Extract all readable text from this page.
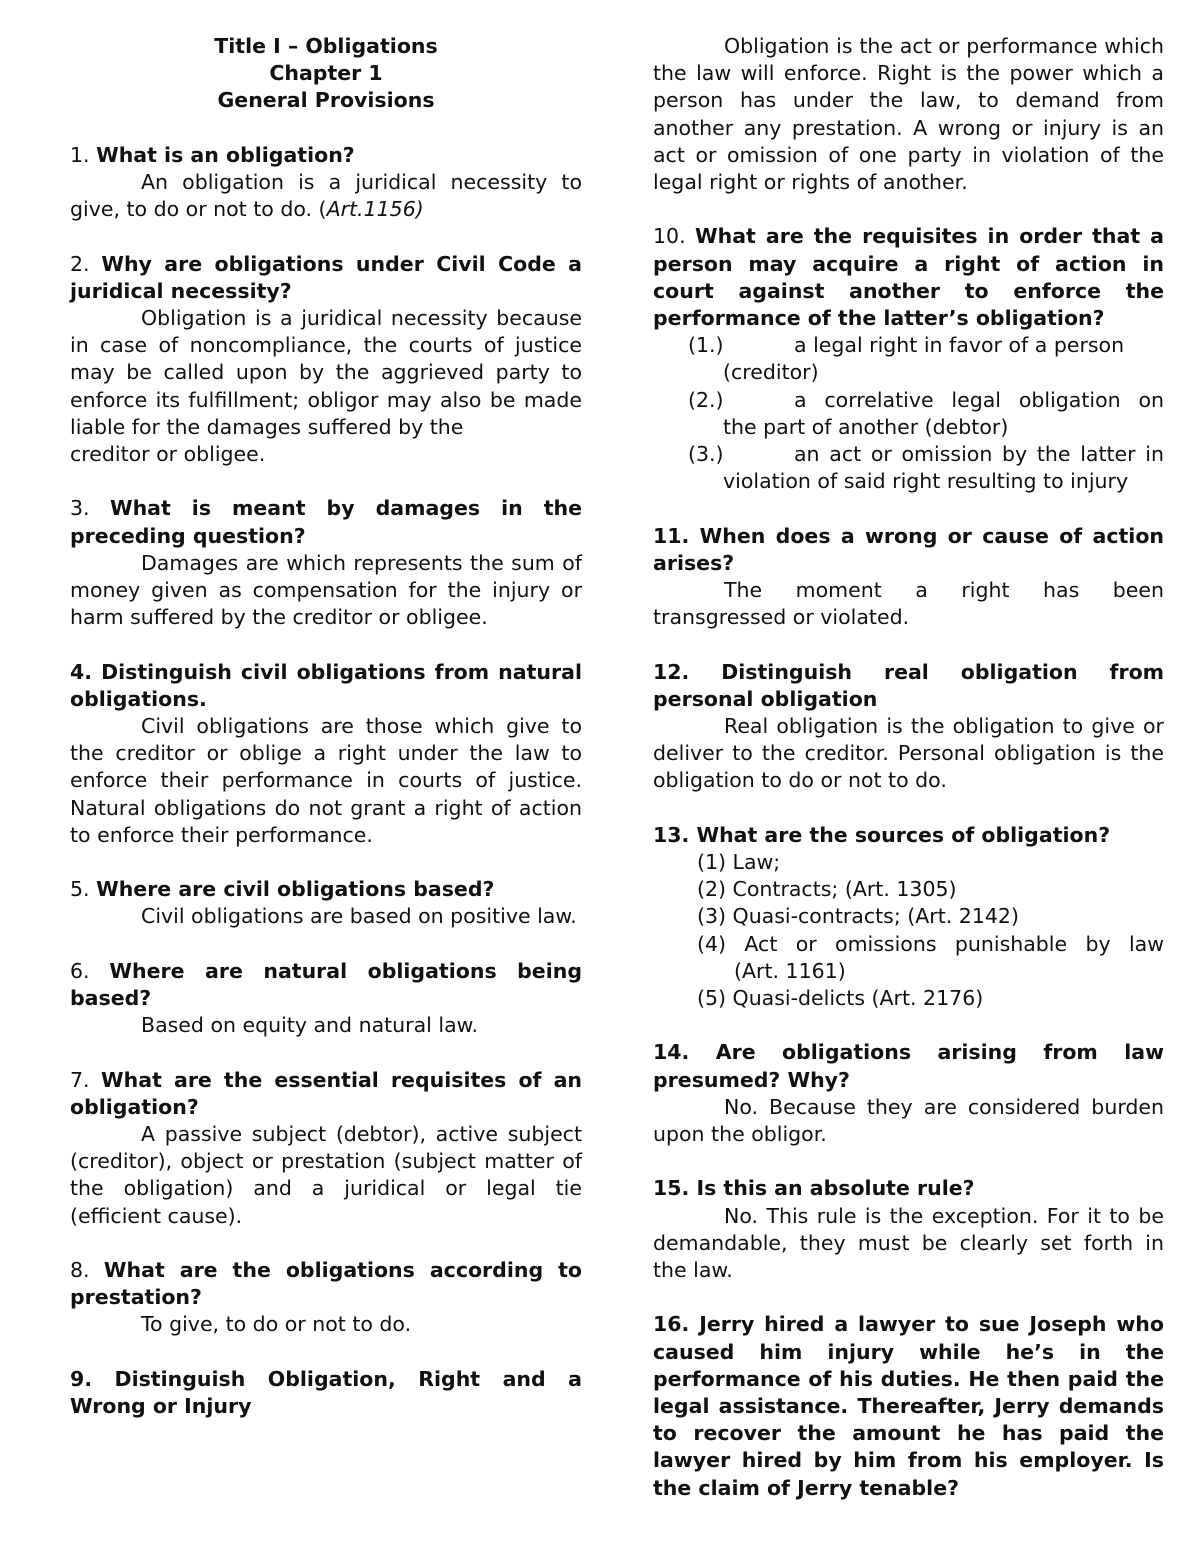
Title I – Obligations
Chapter 1
General Provisions
1. What is an obligation?
An obligation is a juridical necessity to give, to do or not to do. (Art.1156)
2. Why are obligations under Civil Code a juridical necessity?
Obligation is a juridical necessity because in case of noncompliance, the courts of justice may be called upon by the aggrieved party to enforce its fulfillment; obligor may also be made liable for the damages suffered by the
creditor or obligee.
3. What is meant by damages in the preceding question?
Damages are which represents the sum of money given as compensation for the injury or harm suffered by the creditor or obligee.
4. Distinguish civil obligations from natural obligations.
Civil obligations are those which give to the creditor or oblige a right under the law to enforce their performance in courts of justice. Natural obligations do not grant a right of action to enforce their performance.
5. Where are civil obligations based?
Civil obligations are based on positive law.
6. Where are natural obligations being based?
Based on equity and natural law.
7. What are the essential requisites of an obligation?
A passive subject (debtor), active subject (creditor), object or prestation (subject matter of the obligation) and a juridical or legal tie (efficient cause).
8. What are the obligations according to prestation?
To give, to do or not to do.
9. Distinguish Obligation, Right and a Wrong or Injury
Obligation is the act or performance which the law will enforce. Right is the power which a person has under the law, to demand from another any prestation. A wrong or injury is an act or omission of one party in violation of the legal right or rights of another.
10. What are the requisites in order that a person may acquire a right of action in court against another to enforce the performance of the latter’s obligation?
(1.)	a legal right in favor of a person
(creditor)
(2.)	a correlative legal obligation on
the part of another (debtor)
(3.)	an act or omission by the latter in
violation of said right resulting to injury
11. When does a wrong or cause of action arises?
The moment a right has been transgressed or violated.
12. Distinguish real obligation from personal obligation
Real obligation is the obligation to give or deliver to the creditor. Personal obligation is the obligation to do or not to do.
13. What are the sources of obligation?
(1) Law;
(2) Contracts; (Art. 1305)
(3) Quasi-contracts; (Art. 2142)
(4) Act or omissions punishable by law
(Art. 1161)
(5) Quasi-delicts (Art. 2176)
14. Are obligations arising from law presumed? Why?
No. Because they are considered burden upon the obligor.
15. Is this an absolute rule?
No. This rule is the exception. For it to be demandable, they must be clearly set forth in the law.
16. Jerry hired a lawyer to sue Joseph who caused him injury while he’s in the performance of his duties. He then paid the legal assistance. Thereafter, Jerry demands to recover the amount he has paid the lawyer hired by him from his employer. Is the claim of Jerry tenable?
